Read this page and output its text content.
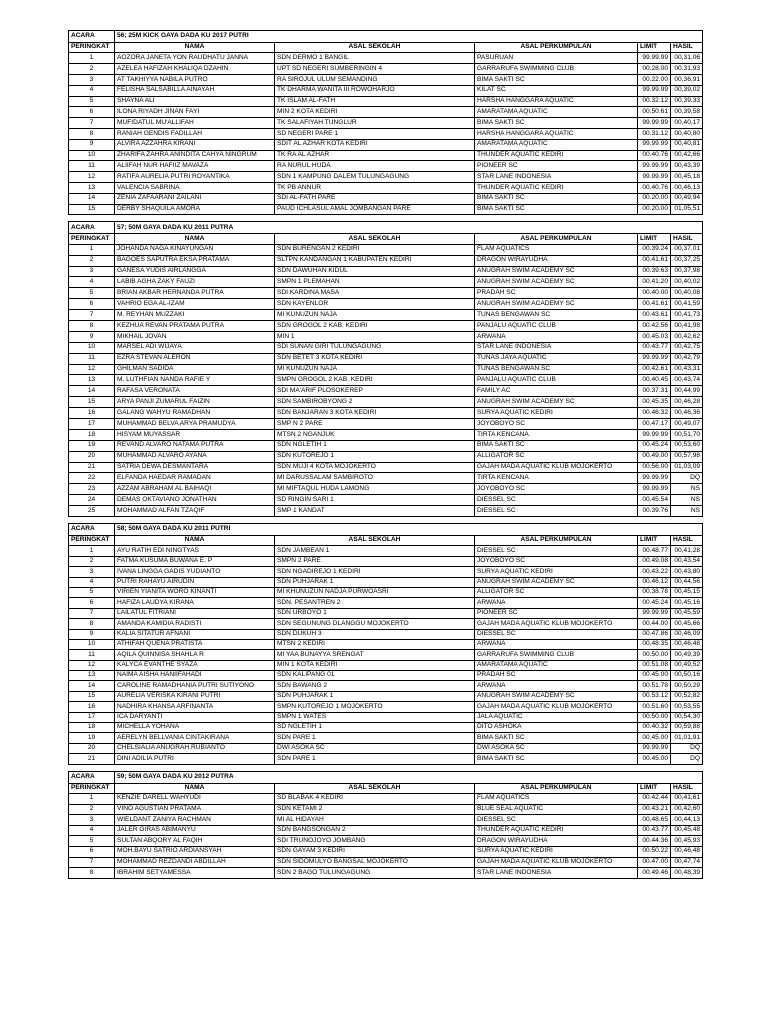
ACARA	56; 25M KICK GAYA DADA KU 2017 PUTRI				
PERINGKAT	NAMA	ASAL SEKOLAH	ASAL PERKUMPULAN	LIMIT	HASIL
1	AOZORA JANETA YON RAUDHATU JANNA	SDN DERMO 1 BANGIL	PASURUAN	99.99.99	00,31,06
2	AZELEA HAFIZAH KHALIQA DZAHIN	UPT SD NEGERI SUMBERINGIN 4	GARRARUFA SWIMMING CLUB	00.28.00	00,31,93
3	AT TAKHIYYA NABILA PUTRO	RA SIROJUL ULUM SEMANDING	BIMA SAKTI SC	00.22.00	00,36,91
4	FELISHA SALSABILLA AINAYAH	TK DHARMA WANITA III ROWOHARJO	KILAT SC	99.99.99	00,39,02
5	SHAYNA ALI	TK ISLAM AL-FATH	HARSHA HANGGARA AQUATIC	00.32.12	00,39,33
6	ILONA RIYADH JINAN FAYI	MIN 2 KOTA KEDIRI	AMARATAMA AQUATIC	00.50.61	00,39,58
7	MUFIDATUL MU'ALLIFAH	TK SALAFIYAH TUNGLUR	BIMA SAKTI SC	99.99.99	00,40,17
8	RANIAH GENDIS FADILLAH	SD NEGERI PARE 1	HARSHA HANGGARA AQUATIC	00.31.12	00,40,80
9	ALVIRA AZZAHRA KIRANI	SDIT AL AZHAR KOTA KEDIRI	AMARATAMA AQUATIC	99.99.99	00,40,81
10	ZHARIFA ZAHRA ANINDITA CAHYA NINGRUM	TK RA AL AZHAR	THUNDER AQUATIC KEDIRI	00.40.76	00,42,66
11	ALIIFAH NUR HAFIIZ MAVAZA	RA NURUL HUDA	PIONEER SC	99.99.99	00,43,39
12	RATIFA AURELIA PUTRI ROYANTIKA	SDN 1 KAMPUNG DALEM TULUNGAGUNG	STAR LANE INDONESIA	99.99.99	00,45,18
13	VALENCIA SABRINA	TK PB ANNUR	THUNDER AQUATIC KEDIRI	00.40.76	00,46,13
14	ZENIA ZAFAARANI ZAILANI	SDI AL-FATH PARE	BIMA SAKTI SC	00.20.00	00,49,94
15	DERBY SHAQUILA AMORA	PAUD ICHLASUL AMAL JOMBANGAN PARE	BIMA SAKTI SC	00.20.00	01,05,51

ACARA	57; 50M GAYA DADA KU 2011 PUTRA				
PERINGKAT	NAMA	ASAL SEKOLAH	ASAL PERKUMPULAN	LIMIT	HASIL
1	JOHANDA NAGA KINAYUNGAN	SDN BURENGAN 2 KEDIRI	FLAM AQUATICS	00.39.24	00,37,01
2	BAGOES SAPUTRA EKSA PRATAMA	SLTPN KANDANGAN 1 KABUPATEN KEDIRI	DRAGON WIRAYUDHA	00.41.61	00,37,25
3	GANESA YUDIS AIRLANGGA	SDN DAWUHAN KIDUL	ANUGRAH SWIM ACADEMY SC	00.39.63	00,37,98
4	LABIB AGHA ZAKY FAUZI	SMPN 1 PLEMAHAN	ANUGRAH SWIM ACADEMY SC	00.41.20	00,40,02
5	BRIAN AKBAR HERNANDA PUTRA	SDI KARDINA MASA	PRADAH SC	00.40.00	00,40,08
6	VAHRIO EGA AL-IZAM	SDN KAYENLOR	ANUGRAH SWIM ACADEMY SC	00.41.61	00,41,59
7	M. REYHAN MUZZAKI	MI KUNUZUN NAJA	TUNAS BENGAWAN SC	00.43.61	00,41,73
8	KEZHUA REVAN PRATAMA PUTRA	SDN GROGOL 2 KAB. KEDIRI	PANJALU AQUATIC CLUB	00.42.56	00,41,98
9	MIKHAIL JOVAN	MIN 1	ARWANA	00.45.03	00,42,62
10	MARSEL ADI WIJAYA	SDI SUNAN GIRI TULUNGAGUNG	STAR LANE INDONESIA	00.43.77	00,42,75
11	EZRA STEVAN ALERON	SDN BETET 3 KOTA KEDIRI	TUNAS JAYA AQUATIC	99.99.99	00,42,79
12	GHILMAN SADIDA	MI KUNUZUN NAJA	TUNAS BENGAWAN SC	00.42.61	00,43,31
13	M. LUTHFIAN NANDA RAFIE Y	SMPN GROGOL 2 KAB. KEDIRI	PANJALU AQUATIC CLUB	00.40.45	00,43,74
14	RAFASA VERONATA	SDI MA'ARIF PLOSOKEREP	FAMILY AC	00.37.31	00,44,99
15	ARYA PANJI ZUMARUL FAIZIN	SDN SAMBIROBYONG 2	ANUGRAH SWIM ACADEMY SC	00.45.35	00,46,28
16	GALANG WAHYU RAMADHAN	SDN BANJARAN 3 KOTA KEDIRI	SURYA AQUATIC KEDIRI	00.46.32	00,46,36
17	MUHAMMAD BELVA ARYA PRAMUDYA	SMP N 2 PARE	JOYOBOYO SC	00.47.17	00,49,07
18	HISYAM MUYASSAR	MTSN 2 NGANJUK	TIRTA KENCANA	99.99.99	00,51,70
19	REVAND ALVARO NATAMA PUTRA	SDN NGLETIH 1	BIMA SAKTI SC	00.45.24	00,53,60
20	MUHAMMAD ALVARO AYANA	SDN KUTOREJO 1	ALLIGATOR SC	00.49.00	00,57,98
21	SATRIA DEWA DESMANTARA	SDN MUJI 4 KOTA MOJOKERTO	GAJAH MADA AQUATIC KLUB MOJOKERTO	00.56.00	01,03,09
22	ELFANDA HAEDAR RAMADAN	MI DARUSSALAM SAMBIROTO	TIRTA KENCANA	99.99.99	DQ
23	AZZAM ABRAHAM AL BAIHAQI	MI MIFTAQUL HUDA LAMONG	JOYOBOYO SC	99.99.99	NS
24	DEMAS OKTAVIANO JONATHAN	SD RINGIN SARI 1	DIESSEL SC	00.45.54	NS
25	MOHAMMAD ALFAN TZAQIF	SMP 1 KANDAT	DIESSEL SC	00.39.76	NS

ACARA	58; 50M GAYA DADA KU 2011 PUTRI				
PERINGKAT	NAMA	ASAL SEKOLAH	ASAL PERKUMPULAN	LIMIT	HASIL
1	AYU RATIH EDI NINGTYAS	SDN JAMBEAN 1	DIESSEL SC	00.48.77	00,41,28
2	FATMA KUSUMA BUWANA E. P	SMPN 2 PARE	JOYOBOYO SC	00.49.08	00,43,54
3	IVANA LINGGA GADIS YUDIANTO	SDN NGADIREJO 1 KEDIRI	SURYA AQUATIC KEDIRI	00.43.22	00,43,80
4	PUTRI RAHAYU AIRUDIN	SDN PUHJARAK 1	ANUGRAH SWIM ACADEMY SC	00.46.12	00,44,56
5	VIRIEN YIANITA WORO KINANTI	MI KHUNUZUN NADJA PURWOASRI	ALLIGATOR SC	00.38.78	00,45,15
6	HAFIZA LAUDYA KIRANA	SDN. PESANTREN 2	ARWANA	00.45.24	00,45,16
7	LAILATUL FITRIANI	SDN URBOYO 1	PIONEER SC	99.99.99	00,45,59
8	AMANDA KAMIDIA RADISTI	SDN SEGUNUNG DLANGGU MOJOKERTO	GAJAH MADA AQUATIC KLUB MOJOKERTO	00.44.00	00,45,66
9	KALIA SITATUR AFNANI	SDN DUKUH 3	DIESSEL SC	00.47.86	00,46,09
10	ATHIFAH QUENA PRATISTA	MTSN 2 KEDIRI	ARWANA	00.48.35	00,46,48
11	AQILA QUINNISA SHAHLA R	MI YAA BUNAYYA SRENGAT	GARRARUFA SWIMMING CLUB	00.50.00	00,49,39
12	KALYCA EVANTHE SYAZA	MIN 1 KOTA KEDIRI	AMARATAMA AQUATIC	00.51.08	00,49,52
13	NAIMA AISHA HANIIFAHADI	SDN KALIPANG 01	PRADAH SC	00.45.00	00,50,16
14	CAROLINE RAMADHANIA PUTRI SUTIYONO	SDN BAWANG 2	ARWANA	00.51.78	00,50,29
15	AURELIA VERISKA KIRANI PUTRI	SDN PUHJARAK 1	ANUGRAH SWIM ACADEMY SC	00.53.12	00,52,82
16	NADHIRA KHANSA ARFINANTA	SMPN KUTOREJO 1 MOJOKERTO	GAJAH MADA AQUATIC KLUB MOJOKERTO	00.51.60	00,53,55
17	ICA DARYANTI	SMPN 1 WATES	JALA AQUATIC	00.50.00	00,54,30
18	MICHELLA YOHANA	SD NGLETIH 1	DITO ASHOKA	00.40.32	00,59,88
19	AERELYN BELLVANIA CINTAKIRANA	SDN PARE 1	BIMA SAKTI SC	00.45.00	01,01,91
20	CHELSIALIA ANUGRAH RUBIANTO	DWI ASOKA SC	DWI ASOKA SC	99.99.99	DQ
21	DINI ADILIA PUTRI	SDN PARE 1	BIMA SAKTI SC	00.45.00	DQ

ACARA	59; 50M GAYA DADA KU 2012 PUTRA				
PERINGKAT	NAMA	ASAL SEKOLAH	ASAL PERKUMPULAN	LIMIT	HASIL
1	KENZIE DARELL WAHYUDI	SD BLABAK 4 KEDIRI	FLAM AQUATICS	00.42.44	00,41,61
2	VINO AGUSTIAN PRATAMA	SDN KETAMI 2	BLUE SEAL AQUATIC	00.43.21	00,42,60
3	WIELDANT ZANIYA RACHMAN	MI AL HIDAYAH	DIESSEL SC	00.48.65	00,44,13
4	JALER GIRAS ABIMANYU	SDN BANGSONGAN 2	THUNDER AQUATIC KEDIRI	00.43.77	00,45,48
5	SULTAN ABQORY AL FAQIH	SDI TRUNOJOYO JOMBANG	DRAGON WIRAYUDHA	00.44.36	00,45,93
6	MOH.BAYU SATRIO ARDIANSYAH	SDN GAYAM 3 KEDIRI	SURYA AQUATIC KEDIRI	00.50.22	00,46,48
7	MOHAMMAD REZDANDI ABDILLAH	SDN SIDOMULYO BANGSAL MOJOKERTO	GAJAH MADA AQUATIC KLUB MOJOKERTO	00.47.00	00,47,74
8	IBRAHIM SETYAMESSA	SDN 2 BAGO TULUNGAGUNG	STAR LANE INDONESIA	00.49.46	00,48,39
